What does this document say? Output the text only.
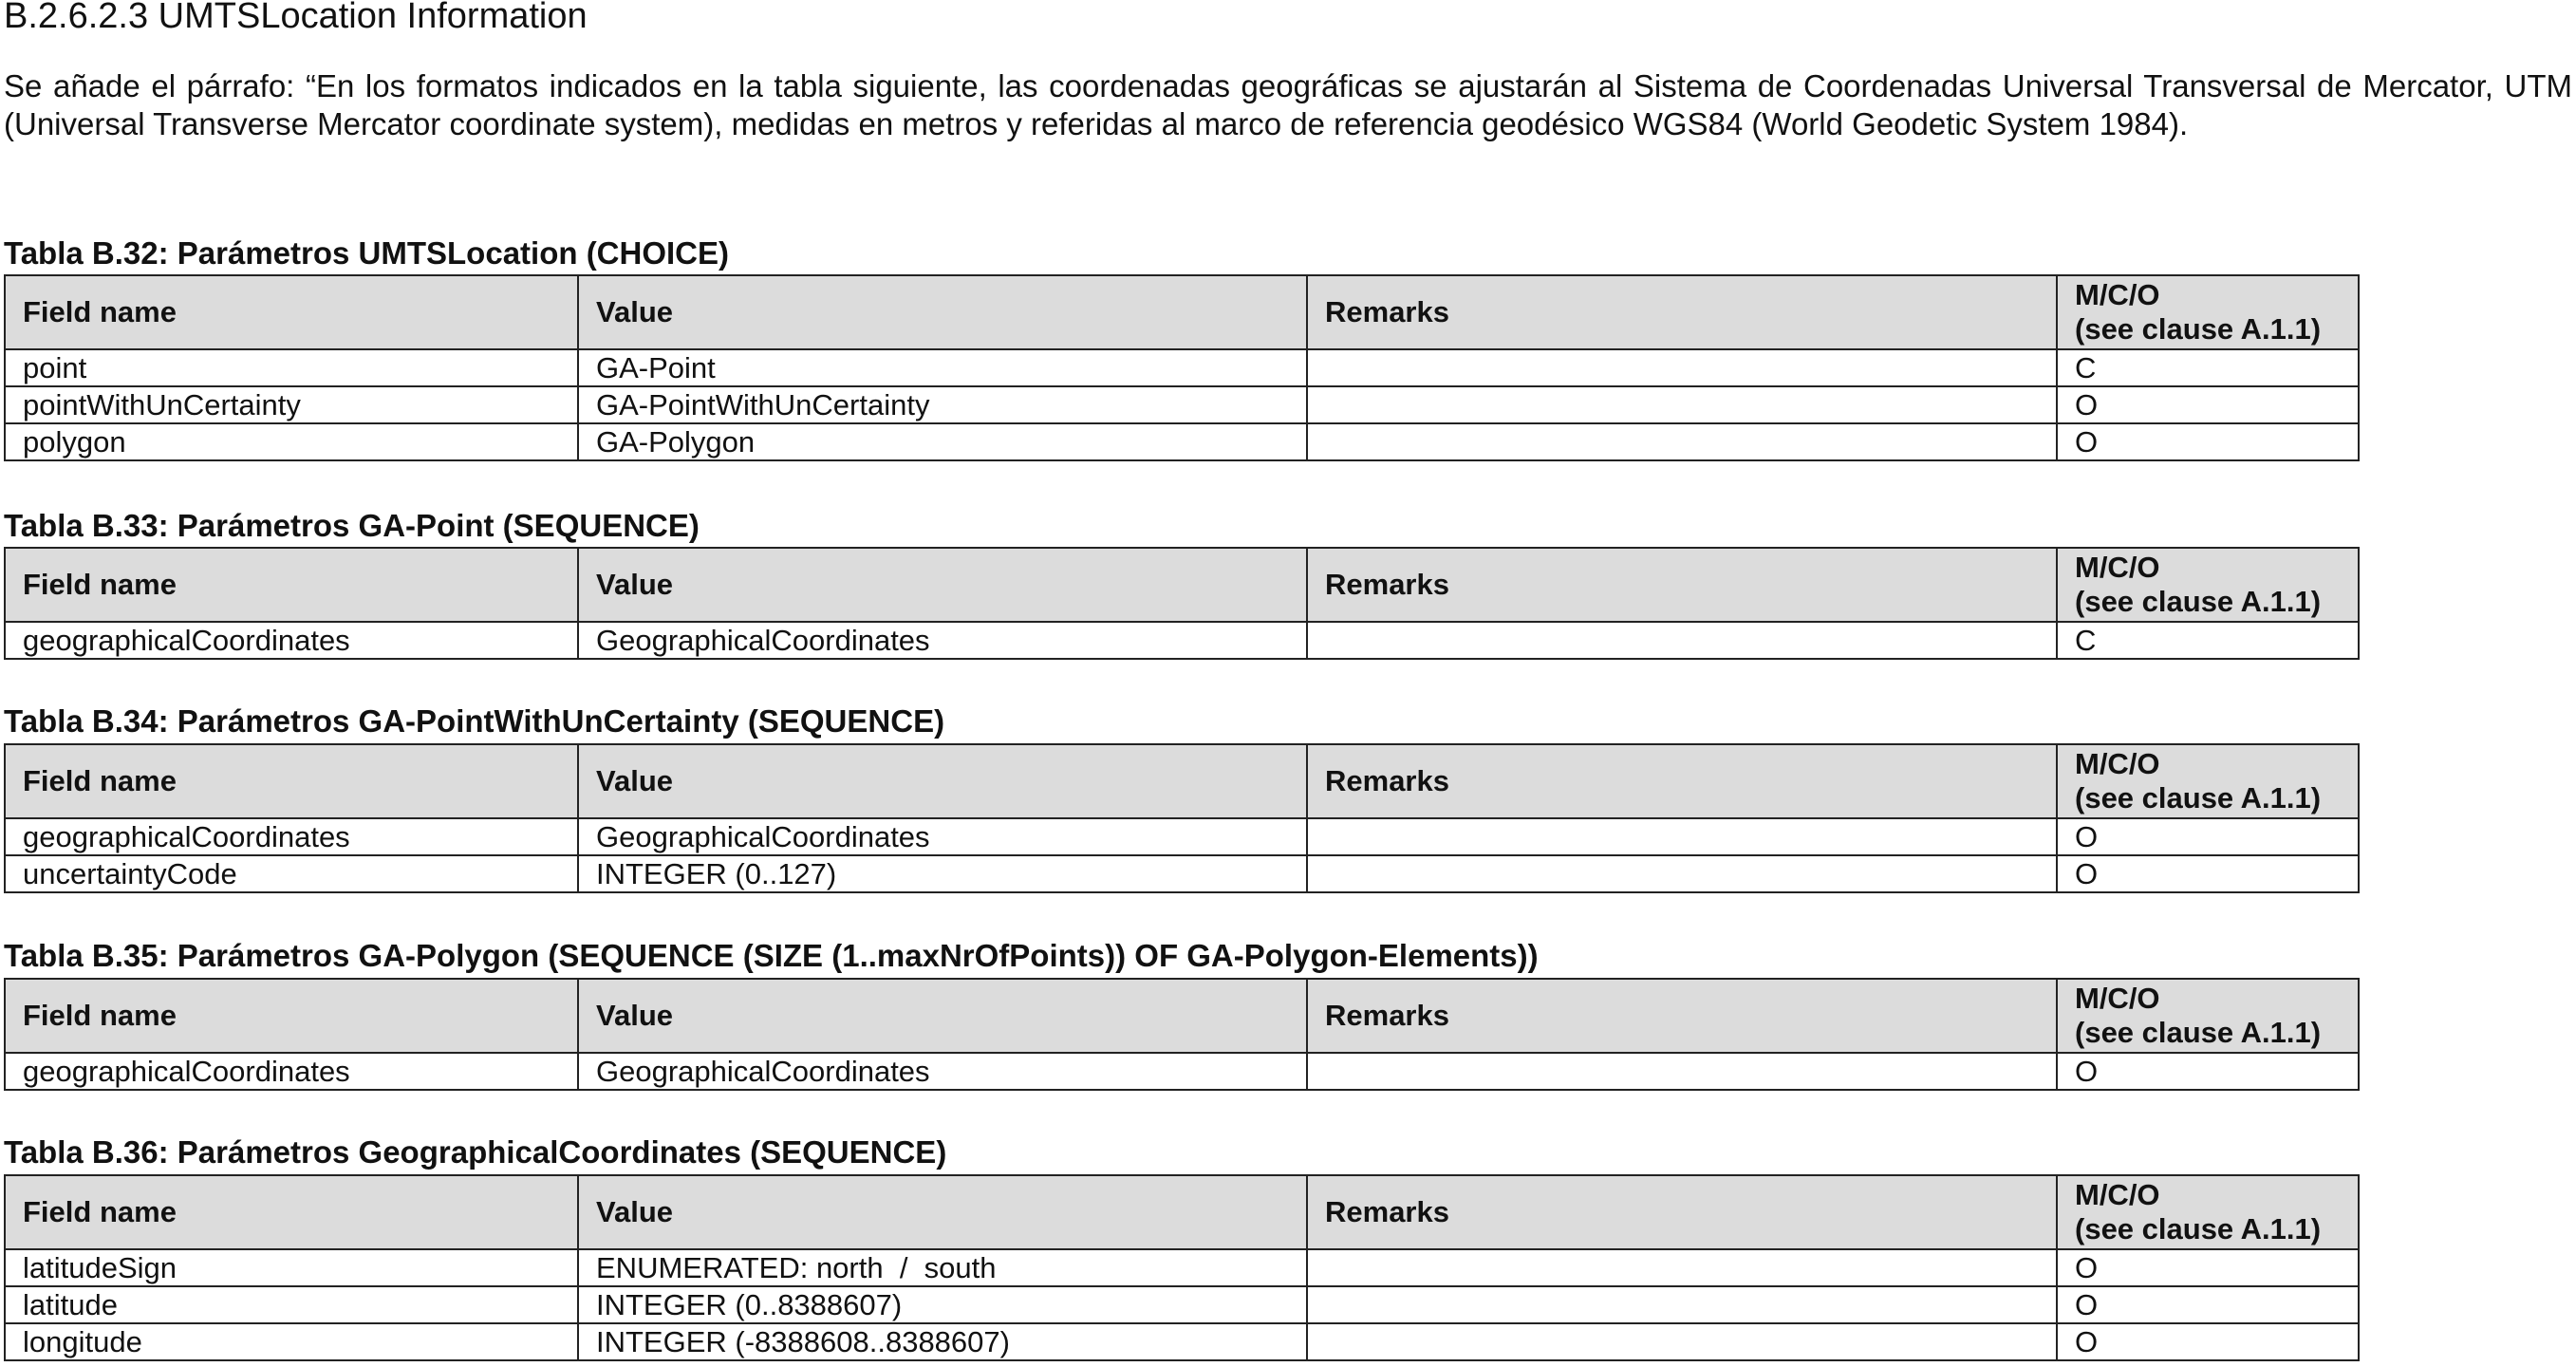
B.2.6.2.3 UMTSLocation Information
Se añade el párrafo: “En los formatos indicados en la tabla siguiente, las coordenadas geográficas se ajustarán al Sistema de Coordenadas Universal Transversal de Mercator, UTM (Universal Transverse Mercator coordinate system), medidas en metros y referidas al marco de referencia geodésico WGS84 (World Geodetic System 1984).
Tabla B.32: Parámetros UMTSLocation (CHOICE)
Field name	Value	Remarks	M/C/O
(see clause A.1.1)

point	GA-Point		C
pointWithUnCertainty	GA-PointWithUnCertainty		O
polygon	GA-Polygon		O
Tabla B.33: Parámetros GA-Point (SEQUENCE)
Field name	Value	Remarks	M/C/O
(see clause A.1.1)

geographicalCoordinates	GeographicalCoordinates		C
Tabla B.34: Parámetros GA-PointWithUnCertainty (SEQUENCE)
Field name	Value	Remarks	M/C/O
(see clause A.1.1)

geographicalCoordinates	GeographicalCoordinates		O
uncertaintyCode	INTEGER (0..127)		O
Tabla B.35: Parámetros GA-Polygon (SEQUENCE (SIZE (1..maxNrOfPoints)) OF GA-Polygon-Elements))
Field name	Value	Remarks	M/C/O
(see clause A.1.1)

geographicalCoordinates	GeographicalCoordinates		O
Tabla B.36: Parámetros GeographicalCoordinates (SEQUENCE)
Field name	Value	Remarks	M/C/O
(see clause A.1.1)

latitudeSign	ENUMERATED: north  /  south		O
latitude	INTEGER (0..8388607)		O
longitude	INTEGER (-8388608..8388607)		O
